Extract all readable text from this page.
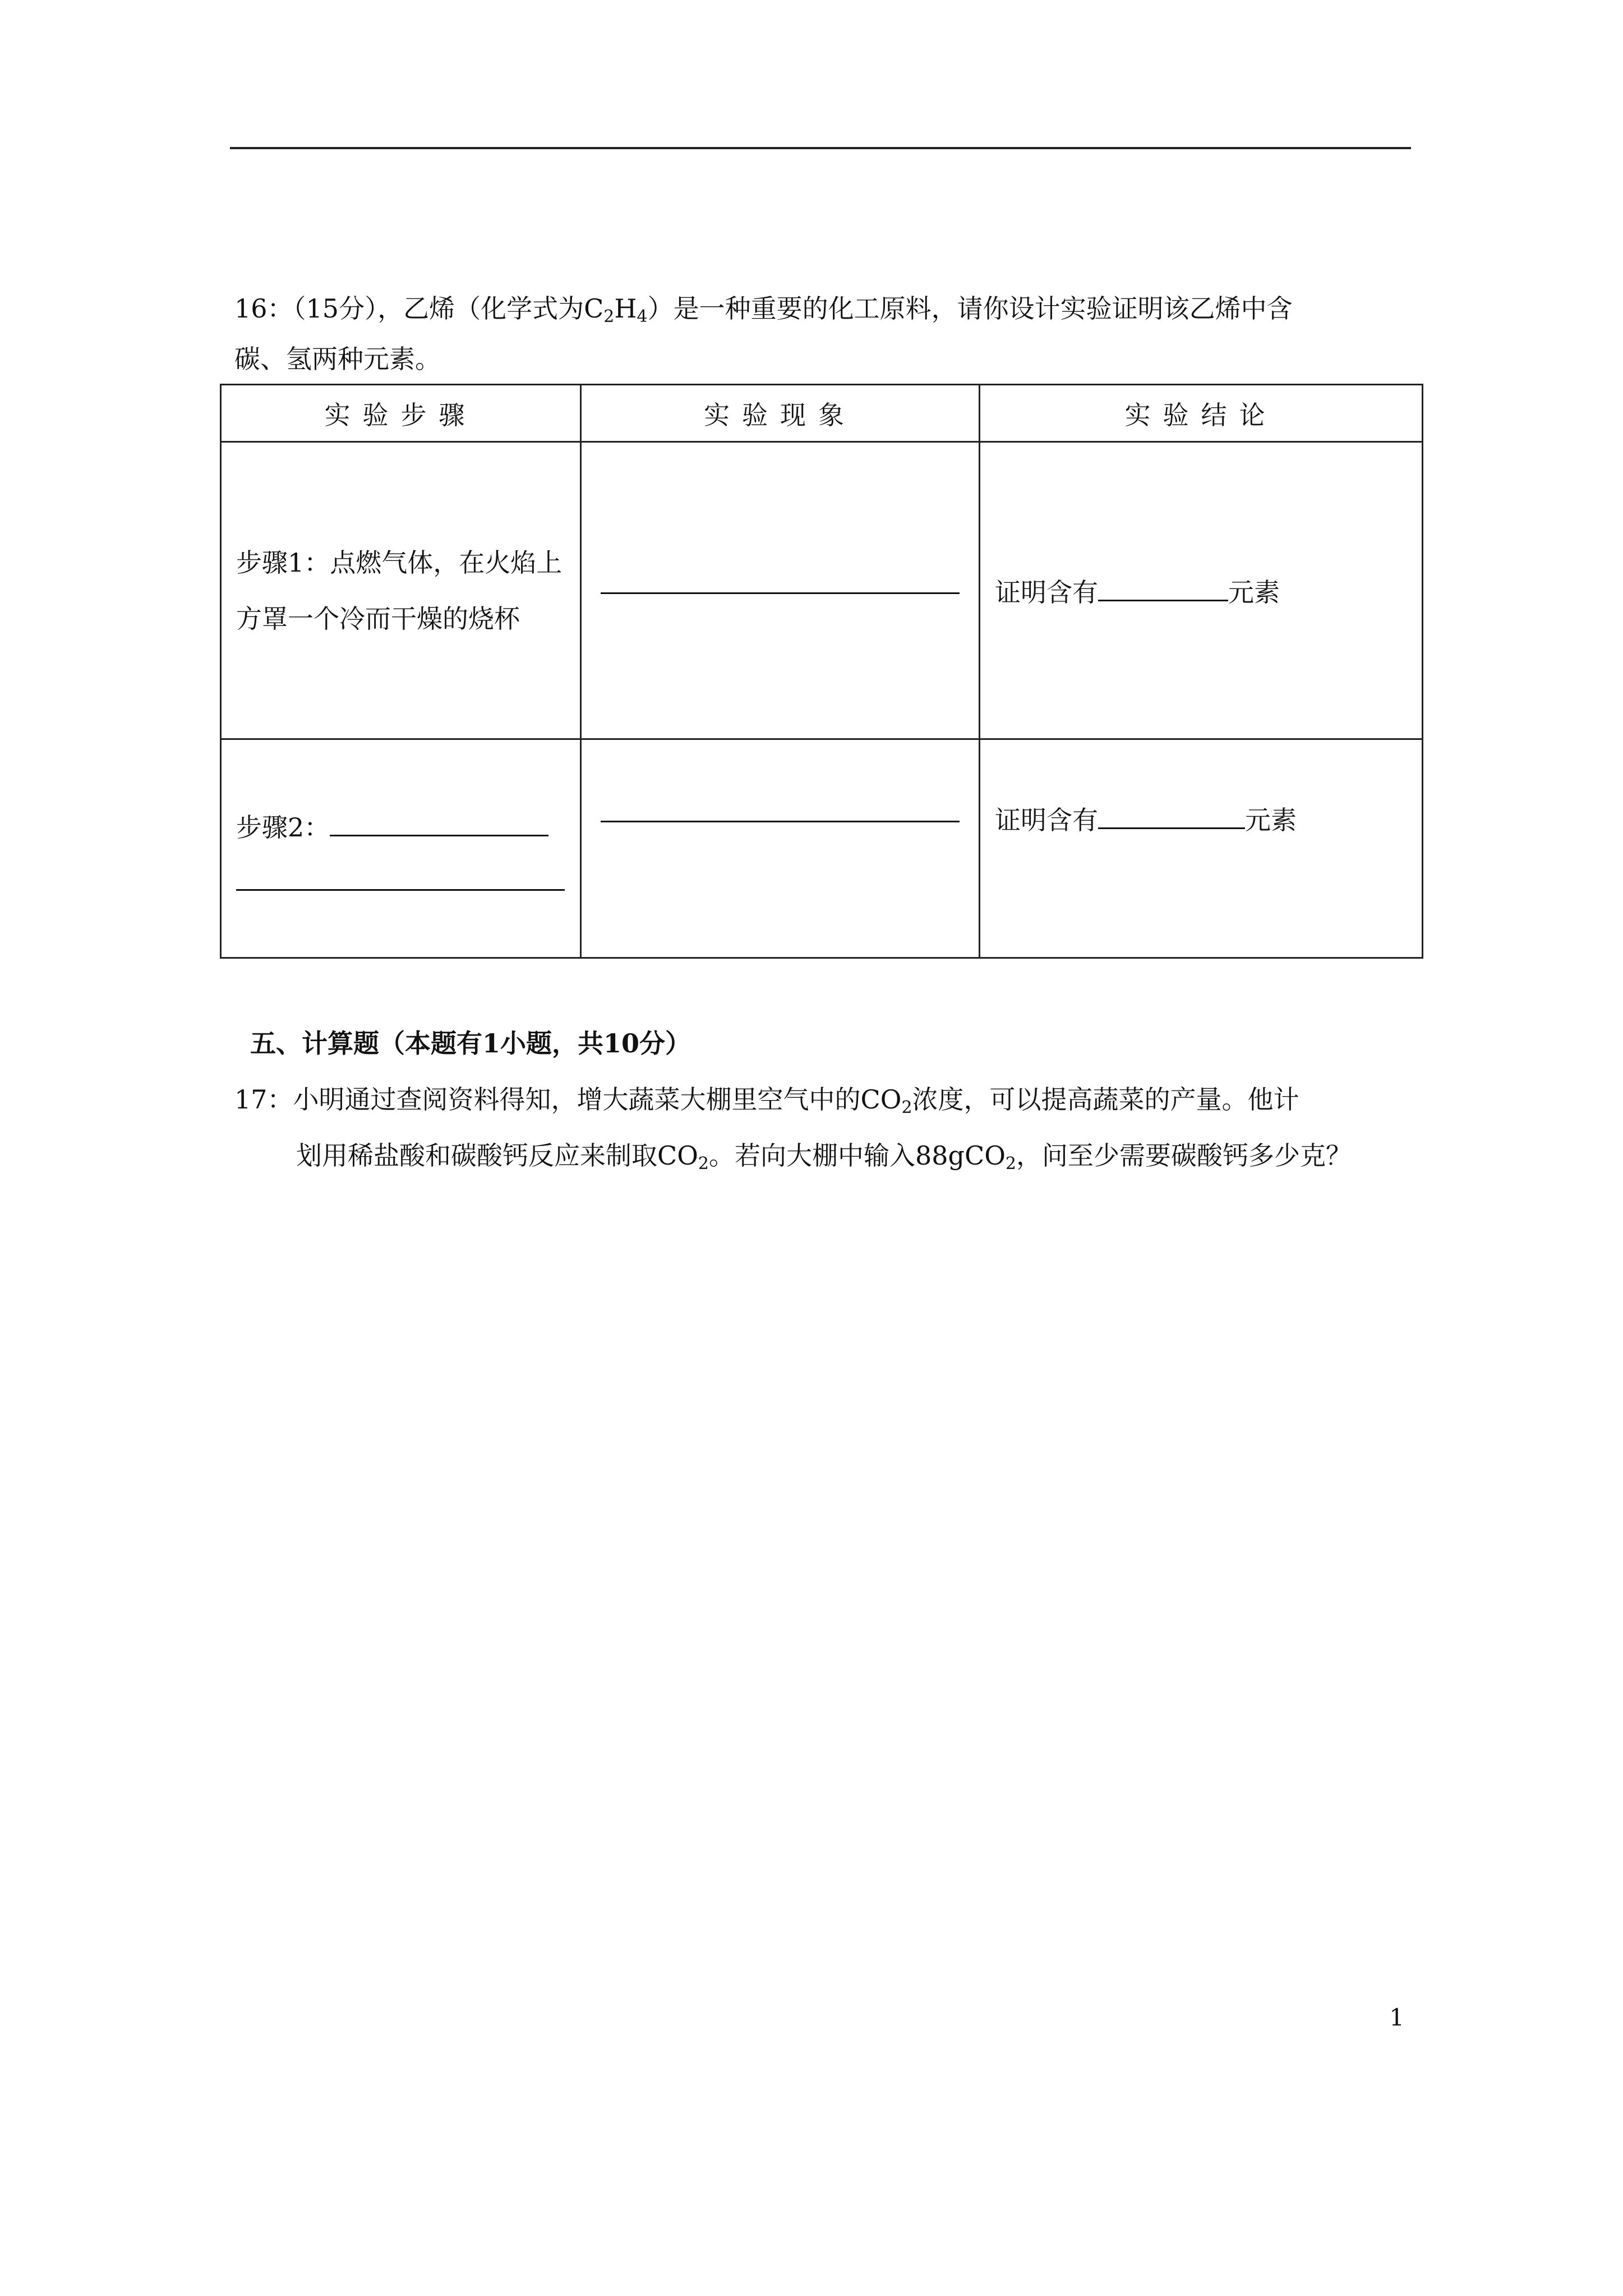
16：（15分），乙烯（化学式为$C_2H_4$）是一种重要的化工原料，请你设计实验证明该乙烯中含
碳、氢两种元素。
实验步骤	实验现象	实验结论

步骤1：点燃气体，在火焰上方罩一个冷而干燥的烧杯		证明含有 元素

步骤2：		证明含有 元素
五、计算题（本题有1小题，共10分）
17：小明通过查阅资料得知，增大蔬菜大棚里空气中的$CO_2$浓度，可以提高蔬菜的产量。他计
划用稀盐酸和碳酸钙反应来制取$CO_2$。若向大棚中输入88gCO$_2$，问至少需要碳酸钙多少克？
1
